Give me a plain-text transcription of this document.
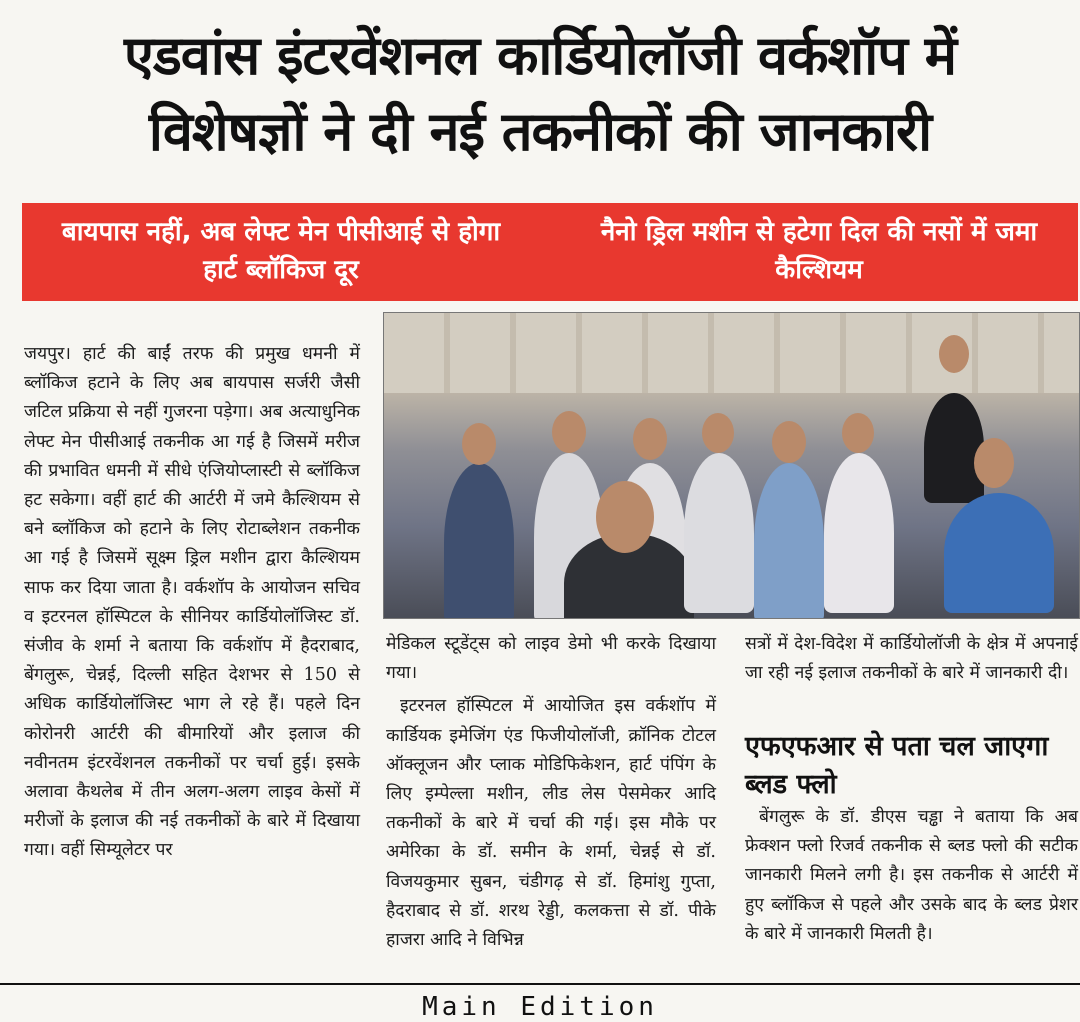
एडवांस इंटरवेंशनल कार्डियोलॉजी वर्कशॉप में
विशेषज्ञों ने दी नई तकनीकों की जानकारी
बायपास नहीं, अब लेफ्ट मेन पीसीआई से होगा हार्ट ब्लॉकिज दूर
नैनो ड्रिल मशीन से हटेगा दिल की नसों में जमा कैल्शियम

जयपुर। हार्ट की बाईं तरफ की प्रमुख धमनी में ब्लॉकिज हटाने के लिए अब बायपास सर्जरी जैसी जटिल प्रक्रिया से नहीं गुजरना पड़ेगा। अब अत्याधुनिक लेफ्ट मेन पीसीआई तकनीक आ गई है जिसमें मरीज की प्रभावित धमनी में सीधे एंजियोप्लास्टी से ब्लॉकिज हट सकेगा। वहीं हार्ट की आर्टरी में जमे कैल्शियम से बने ब्लॉकिज को हटाने के लिए रोटाब्लेशन तकनीक आ गई है जिसमें सूक्ष्म ड्रिल मशीन द्वारा कैल्शियम साफ कर दिया जाता है। वर्कशॉप के आयोजन सचिव व इटरनल हॉस्पिटल के सीनियर कार्डियोलॉजिस्ट डॉ. संजीव के शर्मा ने बताया कि वर्कशॉप में हैदराबाद, बेंगलुरू, चेन्नई, दिल्ली सहित देशभर से 150 से अधिक कार्डियोलॉजिस्ट भाग ले रहे हैं। पहले दिन कोरोनरी आर्टरी की बीमारियों और इलाज की नवीनतम इंटरवेंशनल तकनीकों पर चर्चा हुई। इसके अलावा कैथलेब में तीन अलग-अलग लाइव केसों में मरीजों के इलाज की नई तकनीकों के बारे में दिखाया गया। वहीं सिम्यूलेटर पर

मेडिकल स्टूडेंट्स को लाइव डेमो भी करके दिखाया गया।

इटरनल हॉस्पिटल में आयोजित इस वर्कशॉप में कार्डियक इमेजिंग एंड फिजीयोलॉजी, क्रॉनिक टोटल ऑक्लूजन और प्लाक मोडिफिकेशन, हार्ट पंपिंग के लिए इम्पेल्ला मशीन, लीड लेस पेसमेकर आदि तकनीकों के बारे में चर्चा की गई। इस मौके पर अमेरिका के डॉ. समीन के शर्मा, चेन्नई से डॉ. विजयकुमार सुबन, चंडीगढ़ से डॉ. हिमांशु गुप्ता, हैदराबाद से डॉ. शरथ रेड्डी, कलकत्ता से डॉ. पीके हाजरा आदि ने विभिन्न

सत्रों में देश-विदेश में कार्डियोलॉजी के क्षेत्र में अपनाई जा रही नई इलाज तकनीकों के बारे में जानकारी दी।

एफएफआर से पता चल जाएगा ब्लड फ्लो

बेंगलुरू के डॉ. डीएस चड्ढा ने बताया कि अब फ्रेक्शन फ्लो रिजर्व तकनीक से ब्लड फ्लो की सटीक जानकारी मिलने लगी है। इस तकनीक से आर्टरी में हुए ब्लॉकिज से पहले और उसके बाद के ब्लड प्रेशर के बारे में जानकारी मिलती है।

Main Edition
